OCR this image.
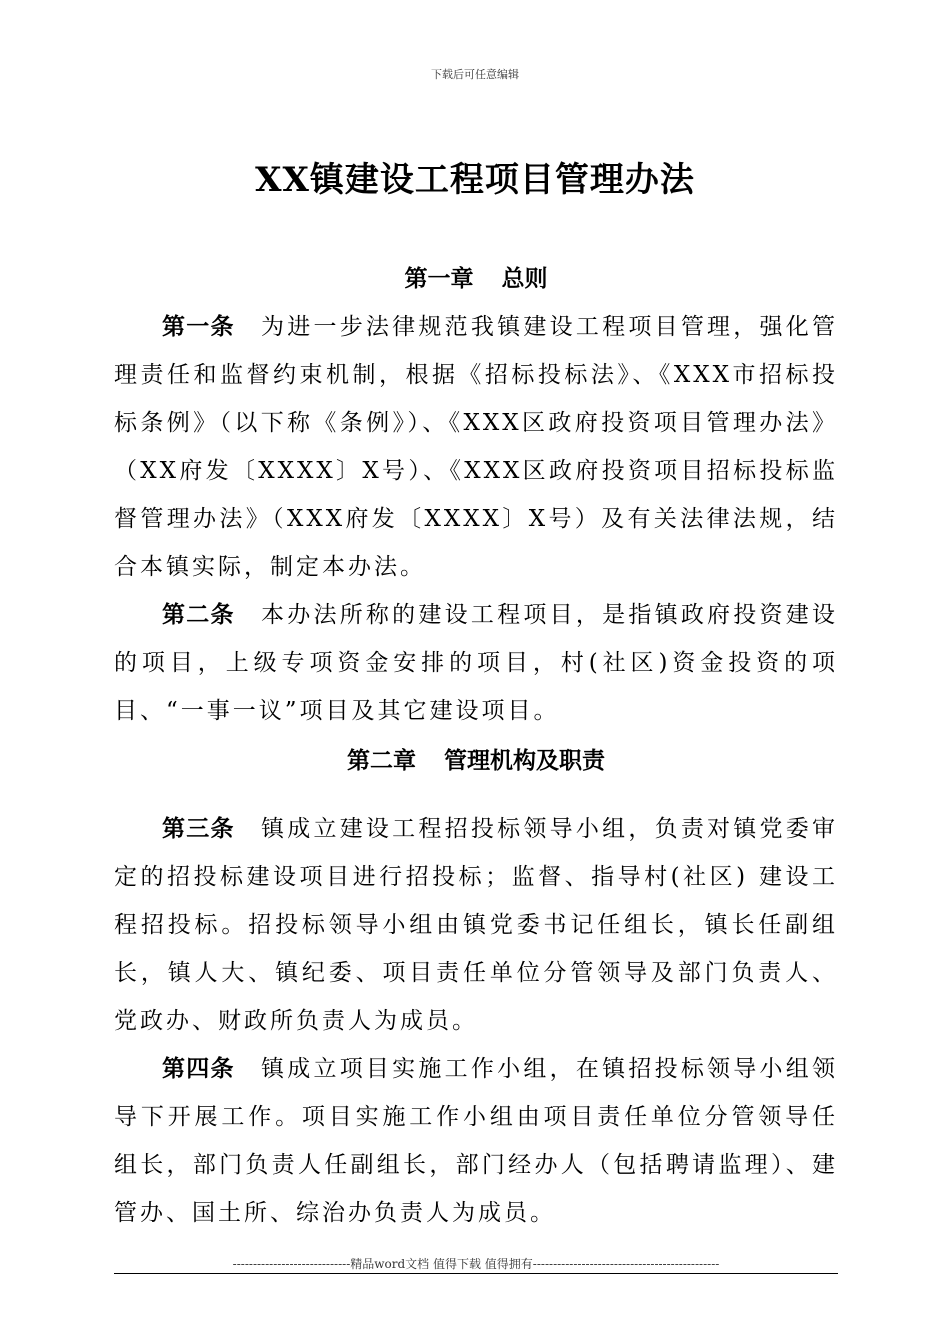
下载后可任意编辑
XX镇建设工程项目管理办法

第一章 总则

第一条 为进一步法律规范我镇建设工程项目管理，强化管理责任和监督约束机制，根据《招标投标法》、《XXX市招标投标条例》（以下称《条例》）、《XXX区政府投资项目管理办法》（XX府发〔XXXX〕X号）、《XXX区政府投资项目招标投标监督管理办法》（XXX府发〔XXXX〕X号）及有关法律法规，结合本镇实际，制定本办法。

第二条 本办法所称的建设工程项目，是指镇政府投资建设的项目，上级专项资金安排的项目，村(社区)资金投资的项目、“一事一议”项目及其它建设项目。

第二章 管理机构及职责

第三条 镇成立建设工程招投标领导小组，负责对镇党委审定的招投标建设项目进行招投标；监督、指导村(社区) 建设工程招投标。招投标领导小组由镇党委书记任组长，镇长任副组长，镇人大、镇纪委、项目责任单位分管领导及部门负责人、党政办、财政所负责人为成员。

第四条 镇成立项目实施工作小组，在镇招投标领导小组领导下开展工作。项目实施工作小组由项目责任单位分管领导任组长，部门负责人任副组长，部门经办人（包括聘请监理）、建管办、国土所、综治办负责人为成员。

-----------------------------精品word文档 值得下载 值得拥有----------------------------------------------
